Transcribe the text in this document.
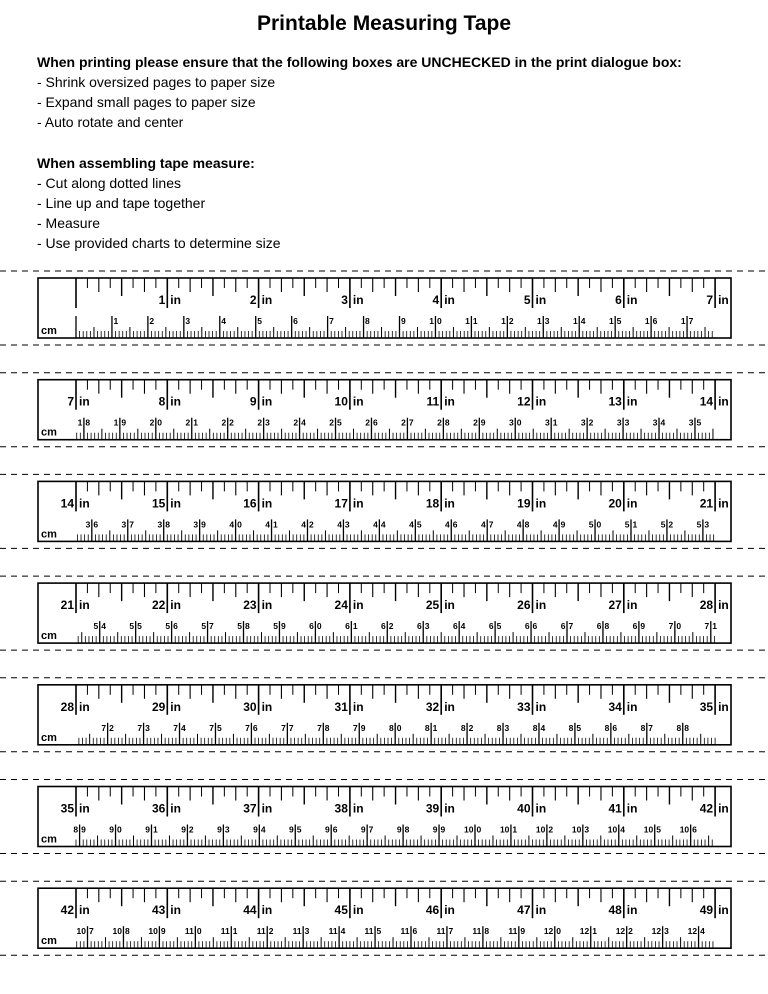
Printable Measuring Tape
When printing please ensure that the following boxes are UNCHECKED in the print dialogue box:
- Shrink oversized pages to paper size
- Expand small pages to paper size
- Auto rotate and center
When assembling tape measure:
- Cut along dotted lines
- Line up and tape together
- Measure
- Use provided charts to determine size
1 in	2 in	3 in	4 in	5 in	6 in	7 in
1	2	3	4	5	6	7	8	9	1 0	1 1	1 2	1 3	1 4	1 5	1 6	1 7
cm
7 in	8 in	9 in	10 in	11 in	12 in	13 in	14 in
1 8	1 9	2 0	2 1	2 2	2 3	2 4	2 5	2 6	2 7	2 8	2 9	3 0	3 1	3 2	3 3	3 4	3 5
cm
14 in	15 in	16 in	17 in	18 in	19 in	20 in	21 in
3 6	3 7	3 8	3 9	4 0	4 1	4 2	4 3	4 4	4 5	4 6	4 7	4 8	4 9	5 0	5 1	5 2	5 3
cm
21 in	22 in	23 in	24 in	25 in	26 in	27 in	28 in
5 4	5 5	5 6	5 7	5 8	5 9	6 0	6 1	6 2	6 3	6 4	6 5	6 6	6 7	6 8	6 9	7 0	7 1
cm
28 in	29 in	30 in	31 in	32 in	33 in	34 in	35 in
7 2	7 3	7 4	7 5	7 6	7 7	7 8	7 9	8 0	8 1	8 2	8 3	8 4	8 5	8 6	8 7	8 8
cm
35 in	36 in	37 in	38 in	39 in	40 in	41 in	42 in
8 9	9 0	9 1	9 2	9 3	9 4	9 5	9 6	9 7	9 8	9 9 10 0 10 1 10 2 10 3 10 4 10 5 10 6
cm
42 in	43 in	44 in	45 in	46 in	47 in	48 in	49 in
10 7 10 8 10 9 11 0 11 1 11 2 11 3 11 4 11 5 11 6 11 7 11 8 11 9 12 0 12 1 12 2 12 3 12 4
cm
